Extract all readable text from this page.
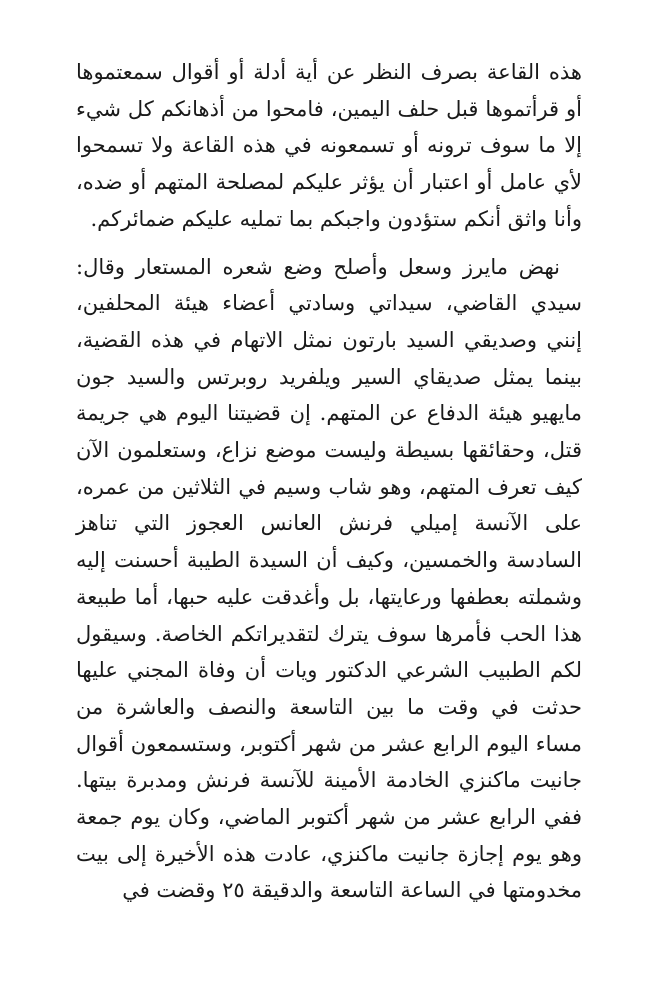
هذه القاعة بصرف النظر عن أية أدلة أو أقوال سمعتموها أو قرأتموها قبل حلف اليمين، فامحوا من أذهانكم كل شيء إلا ما سوف ترونه أو تسمعونه في هذه القاعة ولا تسمحوا لأي عامل أو اعتبار أن يؤثر عليكم لمصلحة المتهم أو ضده، وأنا واثق أنكم ستؤدون واجبكم بما تمليه عليكم ضمائركم.

نهض مايرز وسعل وأصلح وضع شعره المستعار وقال: سيدي القاضي، سيداتي وسادتي أعضاء هيئة المحلفين، إنني وصديقي السيد بارتون نمثل الاتهام في هذه القضية، بينما يمثل صديقاي السير ويلفريد روبرتس والسيد جون مايهيو هيئة الدفاع عن المتهم. إن قضيتنا اليوم هي جريمة قتل، وحقائقها بسيطة وليست موضع نزاع، وستعلمون الآن كيف تعرف المتهم، وهو شاب وسيم في الثلاثين من عمره، على الآنسة إميلي فرنش العانس العجوز التي تناهز السادسة والخمسين، وكيف أن السيدة الطيبة أحسنت إليه وشملته بعطفها ورعايتها، بل وأغدقت عليه حبها، أما طبيعة هذا الحب فأمرها سوف يترك لتقديراتكم الخاصة. وسيقول لكم الطبيب الشرعي الدكتور ويات أن وفاة المجني عليها حدثت في وقت ما بين التاسعة والنصف والعاشرة من مساء اليوم الرابع عشر من شهر أكتوبر، وستسمعون أقوال جانيت ماكنزي الخادمة الأمينة للآنسة فرنش ومدبرة بيتها. ففي الرابع عشر من شهر أكتوبر الماضي، وكان يوم جمعة وهو يوم إجازة جانيت ماكنزي، عادت هذه الأخيرة إلى بيت مخدومتها في الساعة التاسعة والدقيقة ٢٥ وقضت في
